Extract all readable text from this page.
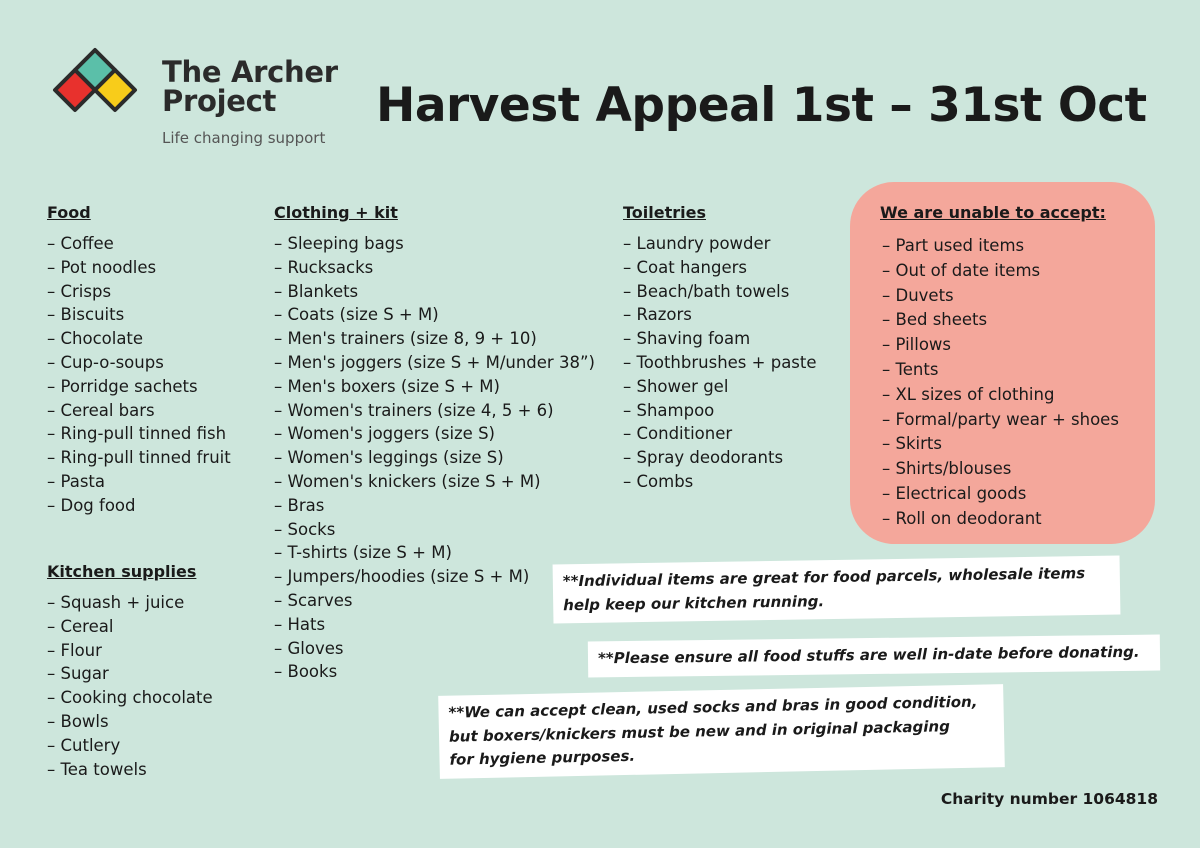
The Archer
Project
Life changing support
Harvest Appeal 1st – 31st Oct
Food
– Coffee
– Pot noodles
– Crisps
– Biscuits
– Chocolate
– Cup-o-soups
– Porridge sachets
– Cereal bars
– Ring-pull tinned fish
– Ring-pull tinned fruit
– Pasta
– Dog food
Kitchen supplies
– Squash + juice
– Cereal
– Flour
– Sugar
– Cooking chocolate
– Bowls
– Cutlery
– Tea towels
Clothing + kit
– Sleeping bags
– Rucksacks
– Blankets
– Coats (size S + M)
– Men's trainers (size 8, 9 + 10)
– Men's joggers (size S + M/under 38”)
– Men's boxers (size S + M)
– Women's trainers (size 4, 5 + 6)
– Women's joggers (size S)
– Women's leggings (size S)
– Women's knickers (size S + M)
– Bras
– Socks
– T-shirts (size S + M)
– Jumpers/hoodies (size S + M)
– Scarves
– Hats
– Gloves
– Books
Toiletries
– Laundry powder
– Coat hangers
– Beach/bath towels
– Razors
– Shaving foam
– Toothbrushes + paste
– Shower gel
– Shampoo
– Conditioner
– Spray deodorants
– Combs
We are unable to accept:
– Part used items
– Out of date items
– Duvets
– Bed sheets
– Pillows
– Tents
– XL sizes of clothing
– Formal/party wear + shoes
– Skirts
– Shirts/blouses
– Electrical goods
– Roll on deodorant
**Individual items are great for food parcels, wholesale items
help keep our kitchen running.
**Please ensure all food stuffs are well in-date before donating.
**We can accept clean, used socks and bras in good condition,
but boxers/knickers must be new and in original packaging
for hygiene purposes.
Charity number 1064818
